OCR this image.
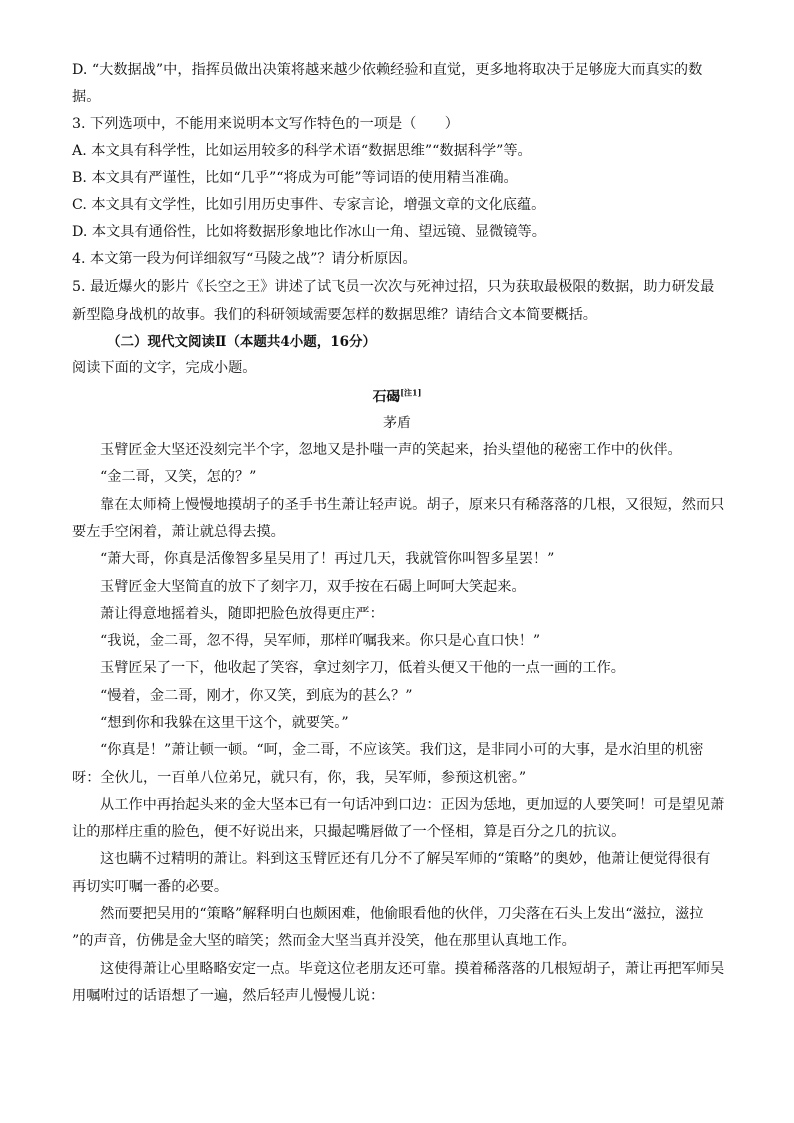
D. “大数据战”中，指挥员做出决策将越来越少依赖经验和直觉，更多地将取决于足够庞大而真实的数
据。
3. 下列选项中，不能用来说明本文写作特色的一项是（　　）
A. 本文具有科学性，比如运用较多的科学术语“数据思维”“数据科学”等。
B. 本文具有严谨性，比如“几乎”“将成为可能”等词语的使用精当准确。
C. 本文具有文学性，比如引用历史事件、专家言论，增强文章的文化底蕴。
D. 本文具有通俗性，比如将数据形象地比作冰山一角、望远镜、显微镜等。
4. 本文第一段为何详细叙写“马陵之战”？请分析原因。
5. 最近爆火的影片《长空之王》讲述了试飞员一次次与死神过招，只为获取最极限的数据，助力研发最
新型隐身战机的故事。我们的科研领域需要怎样的数据思维？请结合文本简要概括。
（二）现代文阅读Ⅱ（本题共4小题，16分）
阅读下面的文字，完成小题。
石碣[注1]
茅盾
玉臂匠金大坚还没刻完半个字，忽地又是扑嗤一声的笑起来，抬头望他的秘密工作中的伙伴。
“金二哥，又笑，怎的？”
靠在太师椅上慢慢地摸胡子的圣手书生萧让轻声说。胡子，原来只有稀落落的几根，又很短，然而只
要左手空闲着，萧让就总得去摸。
“萧大哥，你真是活像智多星吴用了！再过几天，我就管你叫智多星罢！”
玉臂匠金大坚简直的放下了刻字刀，双手按在石碣上呵呵大笑起来。
萧让得意地摇着头，随即把脸色放得更庄严：
“我说，金二哥，忽不得，吴军师，那样吖嘱我来。你只是心直口快！”
玉臂匠呆了一下，他收起了笑容，拿过刻字刀，低着头便又干他的一点一画的工作。
“慢着，金二哥，刚才，你又笑，到底为的甚么？”
“想到你和我躲在这里干这个，就要笑。”
“你真是！”萧让顿一顿。“呵，金二哥，不应该笑。我们这，是非同小可的大事，是水泊里的机密
呀：全伙儿，一百单八位弟兄，就只有，你，我，吴军师，参预这机密。”
从工作中再抬起头来的金大坚本已有一句话冲到口边：正因为恁地，更加逗的人要笑呵！可是望见萧
让的那样庄重的脸色，便不好说出来，只撮起嘴唇做了一个怪相，算是百分之几的抗议。
这也瞒不过精明的萧让。料到这玉臂匠还有几分不了解吴军师的“策略”的奥妙，他萧让便觉得很有
再切实叮嘱一番的必要。
然而要把吴用的“策略”解释明白也颇困难，他偷眼看他的伙伴，刀尖落在石头上发出“滋拉，滋拉
”的声音，仿佛是金大坚的暗笑；然而金大坚当真并没笑，他在那里认真地工作。
这使得萧让心里略略安定一点。毕竟这位老朋友还可靠。摸着稀落落的几根短胡子，萧让再把军师吴
用嘱咐过的话语想了一遍，然后轻声儿慢慢儿说：
